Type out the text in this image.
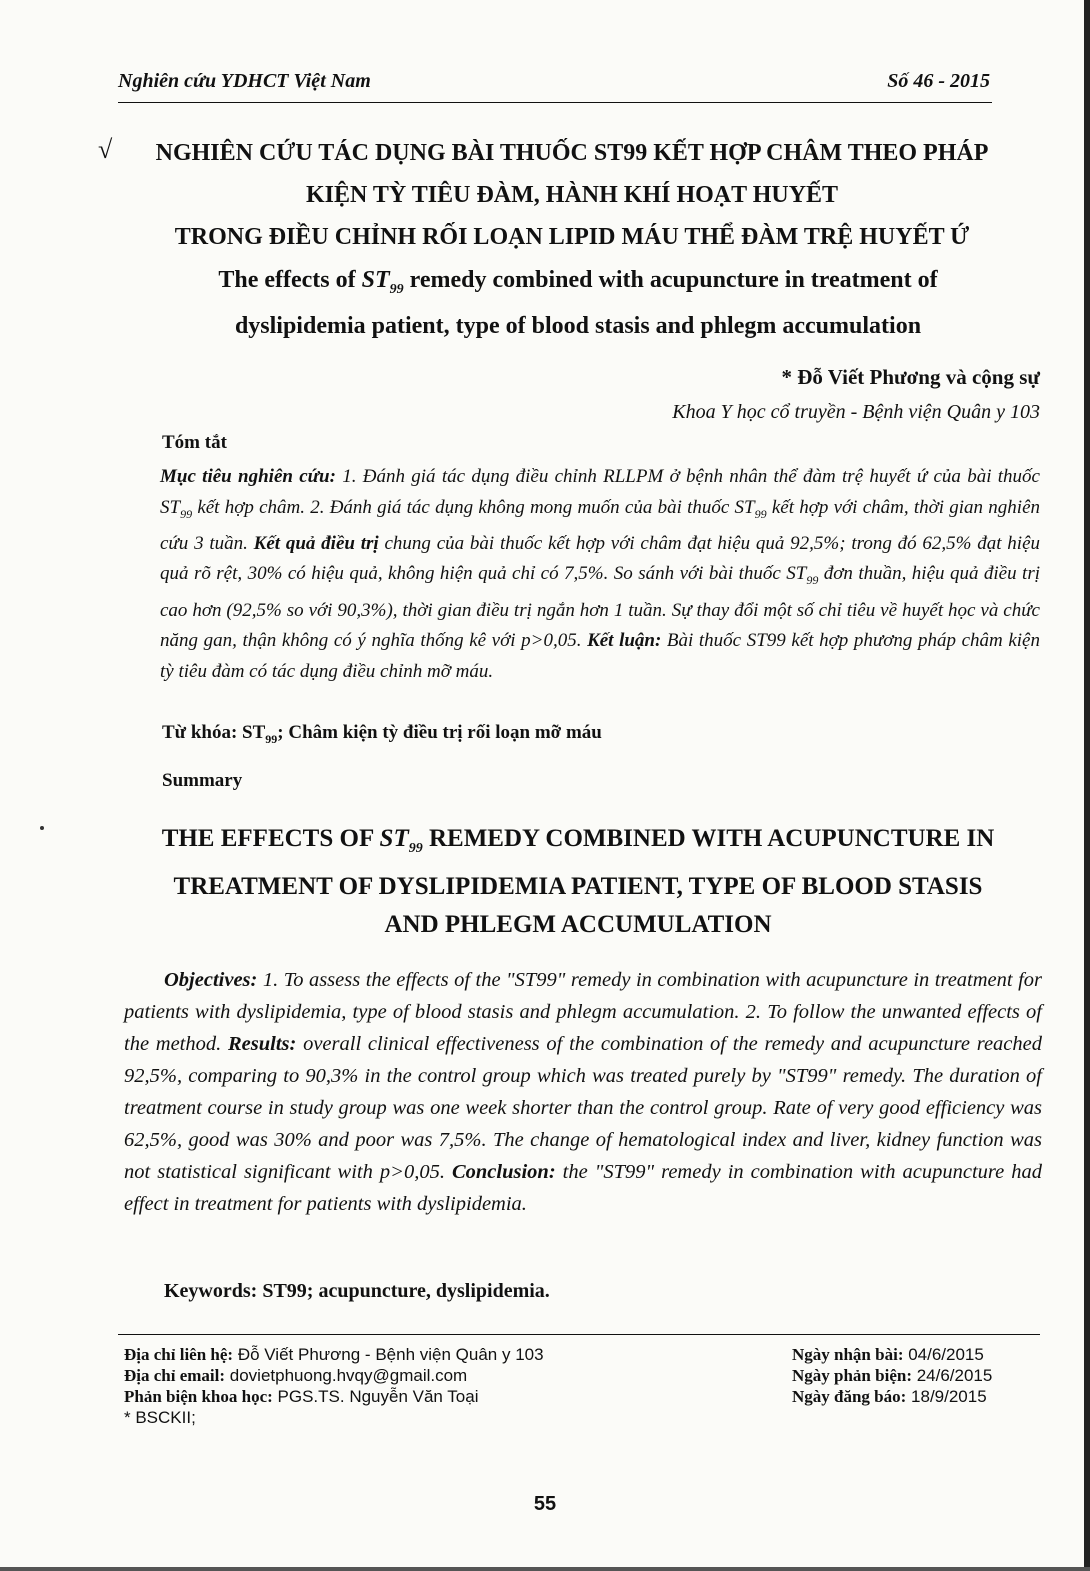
Nghiên cứu YDHCT Việt Nam	Số 46 - 2015
√	NGHIÊN CỨU TÁC DỤNG BÀI THUỐC ST99 KẾT HỢP CHÂM THEO PHÁP
KIỆN TỲ TIÊU ĐÀM, HÀNH KHÍ HOẠT HUYẾT
TRONG ĐIỀU CHỈNH RỐI LOẠN LIPID MÁU THỂ ĐÀM TRỆ HUYẾT Ứ
The effects of $ST_{99}$ remedy combined with acupuncture in treatment of
dyslipidemia patient, type of blood stasis and phlegm accumulation
* Đỗ Viết Phương và cộng sự
Khoa Y học cổ truyền - Bệnh viện Quân y 103
Tóm tắt
Mục tiêu nghiên cứu: 1. Đánh giá tác dụng điều chỉnh RLLPM ở bệnh nhân thể đàm trệ huyết ứ của bài thuốc $ST_{99}$ kết hợp châm. 2. Đánh giá tác dụng không mong muốn của bài thuốc $ST_{99}$ kết hợp với châm, thời gian nghiên cứu 3 tuần. Kết quả điều trị chung của bài thuốc kết hợp với châm đạt hiệu quả 92,5%; trong đó 62,5% đạt hiệu quả rõ rệt, 30% có hiệu quả, không hiện quả chỉ có 7,5%. So sánh với bài thuốc $ST_{99}$ đơn thuần, hiệu quả điều trị cao hơn (92,5% so với 90,3%), thời gian điều trị ngắn hơn 1 tuần. Sự thay đổi một số chỉ tiêu về huyết học và chức năng gan, thận không có ý nghĩa thống kê với p>0,05. Kết luận: Bài thuốc ST99 kết hợp phương pháp châm kiện tỳ tiêu đàm có tác dụng điều chỉnh mỡ máu.
Từ khóa: $ST_{99}$; Châm kiện tỳ điều trị rối loạn mỡ máu
Summary
THE EFFECTS OF $ST_{99}$ REMEDY COMBINED WITH ACUPUNCTURE IN
TREATMENT OF DYSLIPIDEMIA PATIENT, TYPE OF BLOOD STASIS
AND PHLEGM ACCUMULATION
Objectives: 1. To assess the effects of the "ST99" remedy in combination with acupuncture in treatment for patients with dyslipidemia, type of blood stasis and phlegm accumulation. 2. To follow the unwanted effects of the method. Results: overall clinical effectiveness of the combination of the remedy and acupuncture reached 92,5%, comparing to 90,3% in the control group which was treated purely by "ST99" remedy. The duration of treatment course in study group was one week shorter than the control group. Rate of very good efficiency was 62,5%, good was 30% and poor was 7,5%. The change of hematological index and liver, kidney function was not statistical significant with p>0,05. Conclusion: the "ST99" remedy in combination with acupuncture had effect in treatment for patients with dyslipidemia.
Keywords: ST99; acupuncture, dyslipidemia.
Địa chỉ liên hệ: Đỗ Viết Phương - Bệnh viện Quân y 103
Địa chỉ email: dovietphuong.hvqy@gmail.com
Phản biện khoa học: PGS.TS. Nguyễn Văn Toại
* BSCKII;
Ngày nhận bài: 04/6/2015
Ngày phản biện: 24/6/2015
Ngày đăng báo: 18/9/2015
55
